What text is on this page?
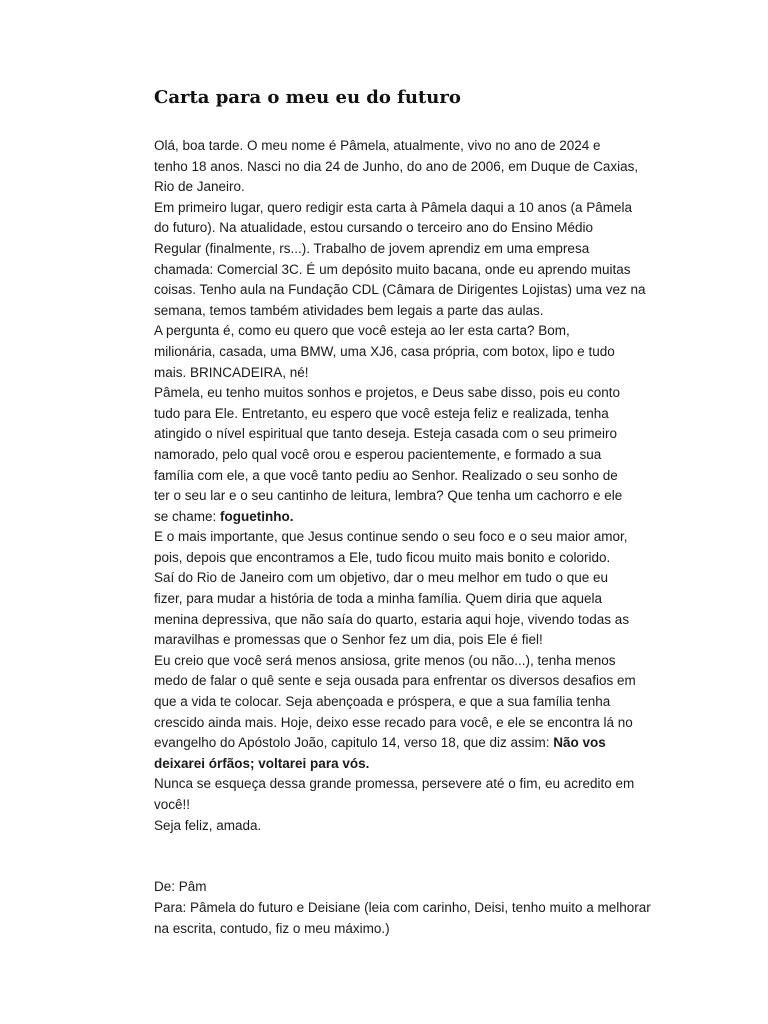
Carta para o meu eu do futuro
Olá, boa tarde. O meu nome é Pâmela, atualmente, vivo no ano de 2024 e
tenho 18 anos. Nasci no dia 24 de Junho, do ano de 2006, em Duque de Caxias,
Rio de Janeiro.
Em primeiro lugar, quero redigir esta carta à Pâmela daqui a 10 anos (a Pâmela
do futuro). Na atualidade, estou cursando o terceiro ano do Ensino Médio
Regular (finalmente, rs...). Trabalho de jovem aprendiz em uma empresa
chamada: Comercial 3C. É um depósito muito bacana, onde eu aprendo muitas
coisas. Tenho aula na Fundação CDL (Câmara de Dirigentes Lojistas) uma vez na
semana, temos também atividades bem legais a parte das aulas.
A pergunta é, como eu quero que você esteja ao ler esta carta? Bom,
milionária, casada, uma BMW, uma XJ6, casa própria, com botox, lipo e tudo
mais. BRINCADEIRA, né!
Pâmela, eu tenho muitos sonhos e projetos, e Deus sabe disso, pois eu conto
tudo para Ele. Entretanto, eu espero que você esteja feliz e realizada, tenha
atingido o nível espiritual que tanto deseja. Esteja casada com o seu primeiro
namorado, pelo qual você orou e esperou pacientemente, e formado a sua
família com ele, a que você tanto pediu ao Senhor. Realizado o seu sonho de
ter o seu lar e o seu cantinho de leitura, lembra? Que tenha um cachorro e ele
se chame: foguetinho.
E o mais importante, que Jesus continue sendo o seu foco e o seu maior amor,
pois, depois que encontramos a Ele, tudo ficou muito mais bonito e colorido.
Saí do Rio de Janeiro com um objetivo, dar o meu melhor em tudo o que eu
fizer, para mudar a história de toda a minha família. Quem diria que aquela
menina depressiva, que não saía do quarto, estaria aqui hoje, vivendo todas as
maravilhas e promessas que o Senhor fez um dia, pois Ele é fiel!
Eu creio que você será menos ansiosa, grite menos (ou não...), tenha menos
medo de falar o quê sente e seja ousada para enfrentar os diversos desafios em
que a vida te colocar. Seja abençoada e próspera, e que a sua família tenha
crescido ainda mais. Hoje, deixo esse recado para você, e ele se encontra lá no
evangelho do Apóstolo João, capitulo 14, verso 18, que diz assim: Não vos
deixarei órfãos; voltarei para vós.
Nunca se esqueça dessa grande promessa, persevere até o fim, eu acredito em
você!!
Seja feliz, amada.
De: Pâm
Para: Pâmela do futuro e Deisiane (leia com carinho, Deisi, tenho muito a melhorar
na escrita, contudo, fiz o meu máximo.)
